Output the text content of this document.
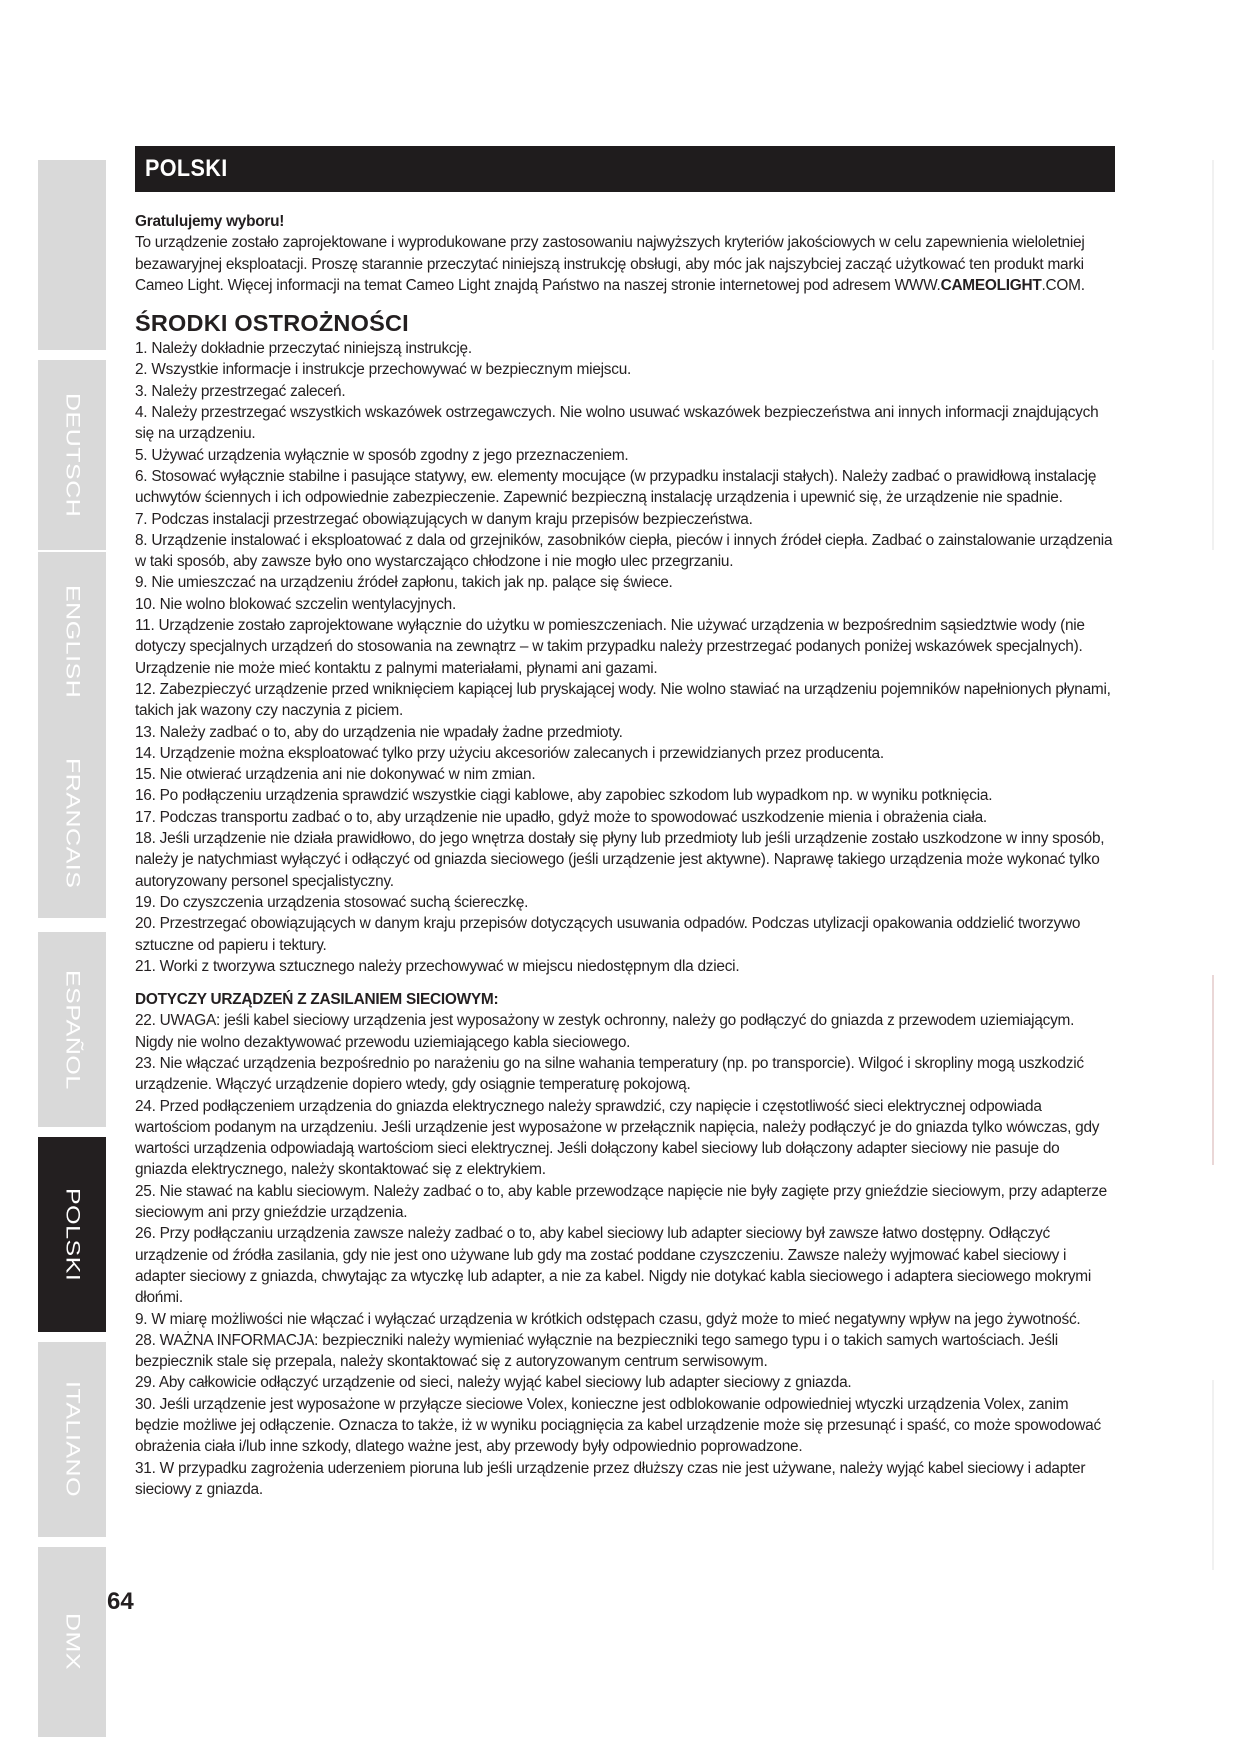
DEUTSCH
ENGLISH
FRANCAIS
ESPAÑOL
POLSKI
ITALIANO
DMX
POLSKI

Gratulujemy wyboru!

To urządzenie zostało zaprojektowane i wyprodukowane przy zastosowaniu najwyższych kryteriów jakościowych w celu zapewnienia wieloletniej bezawaryjnej eksploatacji. Proszę starannie przeczytać niniejszą instrukcję obsługi, aby móc jak najszybciej zacząć użytkować ten produkt marki Cameo Light. Więcej informacji na temat Cameo Light znajdą Państwo na naszej stronie internetowej pod adresem WWW.CAMEOLIGHT.COM.

ŚRODKI OSTROŻNOŚCI
1. Należy dokładnie przeczytać niniejszą instrukcję.
2. Wszystkie informacje i instrukcje przechowywać w bezpiecznym miejscu.
3. Należy przestrzegać zaleceń.
4. Należy przestrzegać wszystkich wskazówek ostrzegawczych. Nie wolno usuwać wskazówek bezpieczeństwa ani innych informacji znajdujących się na urządzeniu.
5. Używać urządzenia wyłącznie w sposób zgodny z jego przeznaczeniem.
6. Stosować wyłącznie stabilne i pasujące statywy, ew. elementy mocujące (w przypadku instalacji stałych). Należy zadbać o prawidłową instalację uchwytów ściennych i ich odpowiednie zabezpieczenie. Zapewnić bezpieczną instalację urządzenia i upewnić się, że urządzenie nie spadnie.
7. Podczas instalacji przestrzegać obowiązujących w danym kraju przepisów bezpieczeństwa.
8. Urządzenie instalować i eksploatować z dala od grzejników, zasobników ciepła, pieców i innych źródeł ciepła. Zadbać o zainstalowanie urządzenia w taki sposób, aby zawsze było ono wystarczająco chłodzone i nie mogło ulec przegrzaniu.
9. Nie umieszczać na urządzeniu źródeł zapłonu, takich jak np. palące się świece.
10. Nie wolno blokować szczelin wentylacyjnych.
11. Urządzenie zostało zaprojektowane wyłącznie do użytku w pomieszczeniach. Nie używać urządzenia w bezpośrednim sąsiedztwie wody (nie dotyczy specjalnych urządzeń do stosowania na zewnątrz – w takim przypadku należy przestrzegać podanych poniżej wskazówek specjalnych). Urządzenie nie może mieć kontaktu z palnymi materiałami, płynami ani gazami.
12. Zabezpieczyć urządzenie przed wniknięciem kapiącej lub pryskającej wody. Nie wolno stawiać na urządzeniu pojemników napełnionych płynami, takich jak wazony czy naczynia z piciem.
13. Należy zadbać o to, aby do urządzenia nie wpadały żadne przedmioty.
14. Urządzenie można eksploatować tylko przy użyciu akcesoriów zalecanych i przewidzianych przez producenta.
15. Nie otwierać urządzenia ani nie dokonywać w nim zmian.
16. Po podłączeniu urządzenia sprawdzić wszystkie ciągi kablowe, aby zapobiec szkodom lub wypadkom np. w wyniku potknięcia.
17. Podczas transportu zadbać o to, aby urządzenie nie upadło, gdyż może to spowodować uszkodzenie mienia i obrażenia ciała.
18. Jeśli urządzenie nie działa prawidłowo, do jego wnętrza dostały się płyny lub przedmioty lub jeśli urządzenie zostało uszkodzone w inny sposób, należy je natychmiast wyłączyć i odłączyć od gniazda sieciowego (jeśli urządzenie jest aktywne). Naprawę takiego urządzenia może wykonać tylko autoryzowany personel specjalistyczny.
19. Do czyszczenia urządzenia stosować suchą ściereczkę.
20. Przestrzegać obowiązujących w danym kraju przepisów dotyczących usuwania odpadów. Podczas utylizacji opakowania oddzielić tworzywo sztuczne od papieru i tektury.
21. Worki z tworzywa sztucznego należy przechowywać w miejscu niedostępnym dla dzieci.
DOTYCZY URZĄDZEŃ Z ZASILANIEM SIECIOWYM:
22. UWAGA: jeśli kabel sieciowy urządzenia jest wyposażony w zestyk ochronny, należy go podłączyć do gniazda z przewodem uziemiającym. Nigdy nie wolno dezaktywować przewodu uziemiającego kabla sieciowego.
23. Nie włączać urządzenia bezpośrednio po narażeniu go na silne wahania temperatury (np. po transporcie). Wilgoć i skropliny mogą uszkodzić urządzenie. Włączyć urządzenie dopiero wtedy, gdy osiągnie temperaturę pokojową.
24. Przed podłączeniem urządzenia do gniazda elektrycznego należy sprawdzić, czy napięcie i częstotliwość sieci elektrycznej odpowiada wartościom podanym na urządzeniu. Jeśli urządzenie jest wyposażone w przełącznik napięcia, należy podłączyć je do gniazda tylko wówczas, gdy wartości urządzenia odpowiadają wartościom sieci elektrycznej. Jeśli dołączony kabel sieciowy lub dołączony adapter sieciowy nie pasuje do gniazda elektrycznego, należy skontaktować się z elektrykiem.
25. Nie stawać na kablu sieciowym. Należy zadbać o to, aby kable przewodzące napięcie nie były zagięte przy gnieździe sieciowym, przy adapterze sieciowym ani przy gnieździe urządzenia.
26. Przy podłączaniu urządzenia zawsze należy zadbać o to, aby kabel sieciowy lub adapter sieciowy był zawsze łatwo dostępny. Odłączyć urządzenie od źródła zasilania, gdy nie jest ono używane lub gdy ma zostać poddane czyszczeniu. Zawsze należy wyjmować kabel sieciowy i adapter sieciowy z gniazda, chwytając za wtyczkę lub adapter, a nie za kabel. Nigdy nie dotykać kabla sieciowego i adaptera sieciowego mokrymi dłońmi.
9. W miarę możliwości nie włączać i wyłączać urządzenia w krótkich odstępach czasu, gdyż może to mieć negatywny wpływ na jego żywotność.
28. WAŻNA INFORMACJA: bezpieczniki należy wymieniać wyłącznie na bezpieczniki tego samego typu i o takich samych wartościach. Jeśli bezpiecznik stale się przepala, należy skontaktować się z autoryzowanym centrum serwisowym.
29. Aby całkowicie odłączyć urządzenie od sieci, należy wyjąć kabel sieciowy lub adapter sieciowy z gniazda.
30. Jeśli urządzenie jest wyposażone w przyłącze sieciowe Volex, konieczne jest odblokowanie odpowiedniej wtyczki urządzenia Volex, zanim będzie możliwe jej odłączenie. Oznacza to także, iż w wyniku pociągnięcia za kabel urządzenie może się przesunąć i spaść, co może spowodować obrażenia ciała i/lub inne szkody, dlatego ważne jest, aby przewody były odpowiednio poprowadzone.
31. W przypadku zagrożenia uderzeniem pioruna lub jeśli urządzenie przez dłuższy czas nie jest używane, należy wyjąć kabel sieciowy i adapter sieciowy z gniazda.
64
